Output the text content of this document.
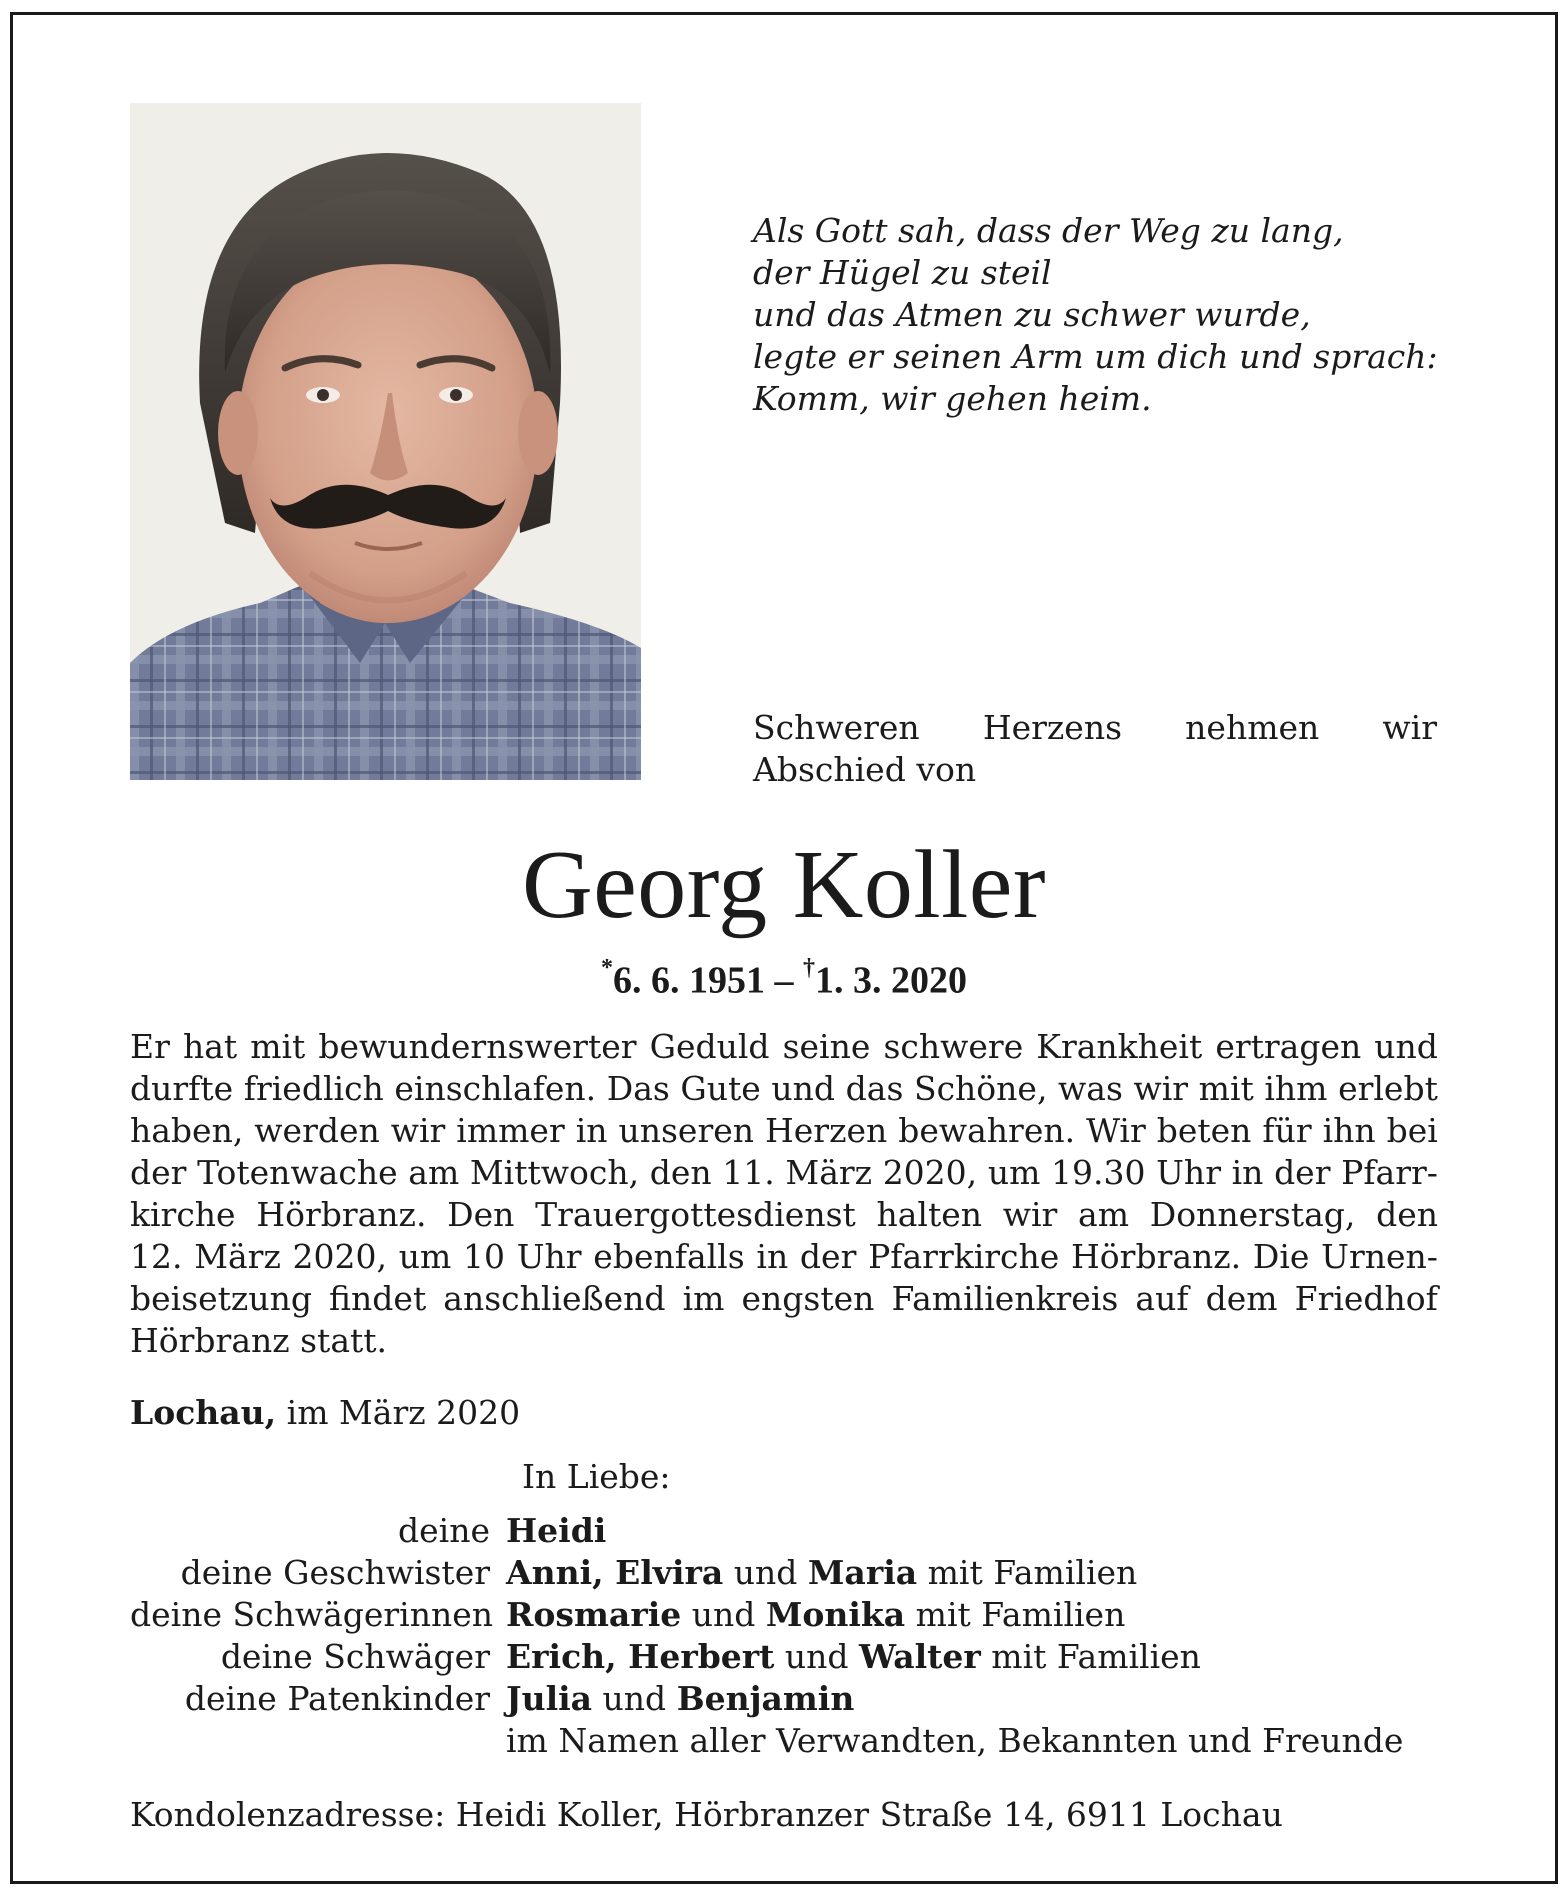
Als Gott sah, dass der Weg zu lang,
der Hügel zu steil
und das Atmen zu schwer wurde,
legte er seinen Arm um dich und sprach:
Komm, wir gehen heim.
Schweren Herzens nehmen wir
Abschied von
Georg Koller
*6. 6. 1951 – †1. 3. 2020
Er hat mit bewundernswerter Geduld seine schwere Krankheit ertragen und
durfte friedlich einschlafen. Das Gute und das Schöne, was wir mit ihm erlebt
haben, werden wir immer in unseren Herzen bewahren. Wir beten für ihn bei
der Totenwache am Mittwoch, den 11. März 2020, um 19.30 Uhr in der Pfarr-
kirche Hörbranz. Den Trauergottesdienst halten wir am Donnerstag, den
12. März 2020, um 10 Uhr ebenfalls in der Pfarrkirche Hörbranz. Die Urnen-
beisetzung findet anschließend im engsten Familienkreis auf dem Friedhof
Hörbranz statt.
Lochau, im März 2020
In Liebe:
deine Heidi
deine Geschwister Anni, Elvira und Maria mit Familien
deine Schwägerinnen Rosmarie und Monika mit Familien
deine Schwäger Erich, Herbert und Walter mit Familien
deine Patenkinder Julia und Benjamin
im Namen aller Verwandten, Bekannten und Freunde
Kondolenzadresse: Heidi Koller, Hörbranzer Straße 14, 6911 Lochau
